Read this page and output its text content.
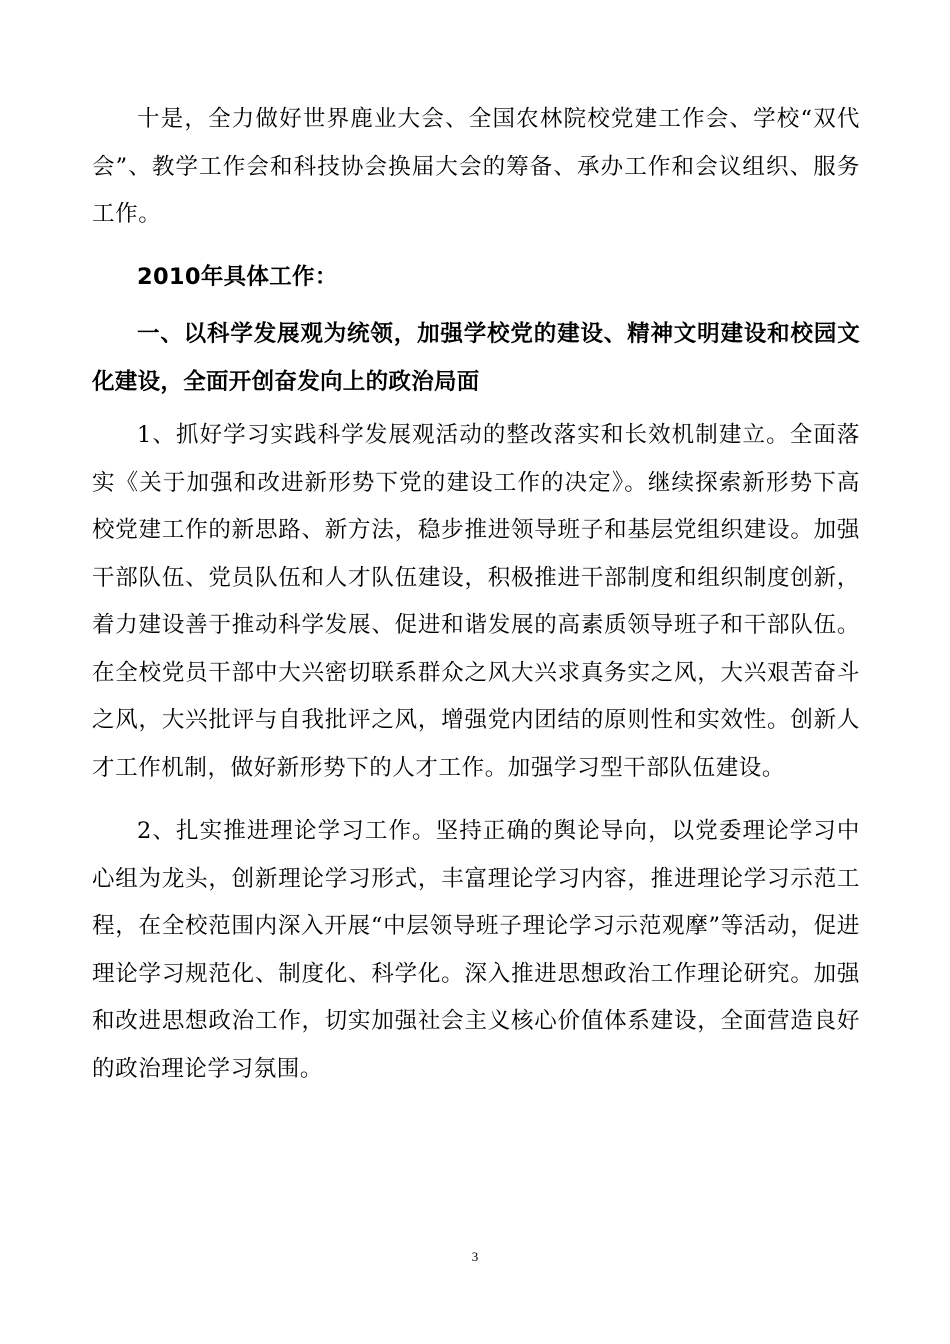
十是，全力做好世界鹿业大会、全国农林院校党建工作会、学校“双代会”、教学工作会和科技协会换届大会的筹备、承办工作和会议组织、服务工作。

2010年具体工作：

一、以科学发展观为统领，加强学校党的建设、精神文明建设和校园文化建设，全面开创奋发向上的政治局面

1、抓好学习实践科学发展观活动的整改落实和长效机制建立。全面落实《关于加强和改进新形势下党的建设工作的决定》。继续探索新形势下高校党建工作的新思路、新方法，稳步推进领导班子和基层党组织建设。加强干部队伍、党员队伍和人才队伍建设，积极推进干部制度和组织制度创新，着力建设善于推动科学发展、促进和谐发展的高素质领导班子和干部队伍。在全校党员干部中大兴密切联系群众之风大兴求真务实之风，大兴艰苦奋斗之风，大兴批评与自我批评之风，增强党内团结的原则性和实效性。创新人才工作机制，做好新形势下的人才工作。加强学习型干部队伍建设。

2、扎实推进理论学习工作。坚持正确的舆论导向，以党委理论学习中心组为龙头，创新理论学习形式，丰富理论学习内容，推进理论学习示范工程，在全校范围内深入开展“中层领导班子理论学习示范观摩”等活动，促进理论学习规范化、制度化、科学化。深入推进思想政治工作理论研究。加强和改进思想政治工作，切实加强社会主义核心价值体系建设，全面营造良好的政治理论学习氛围。

3
